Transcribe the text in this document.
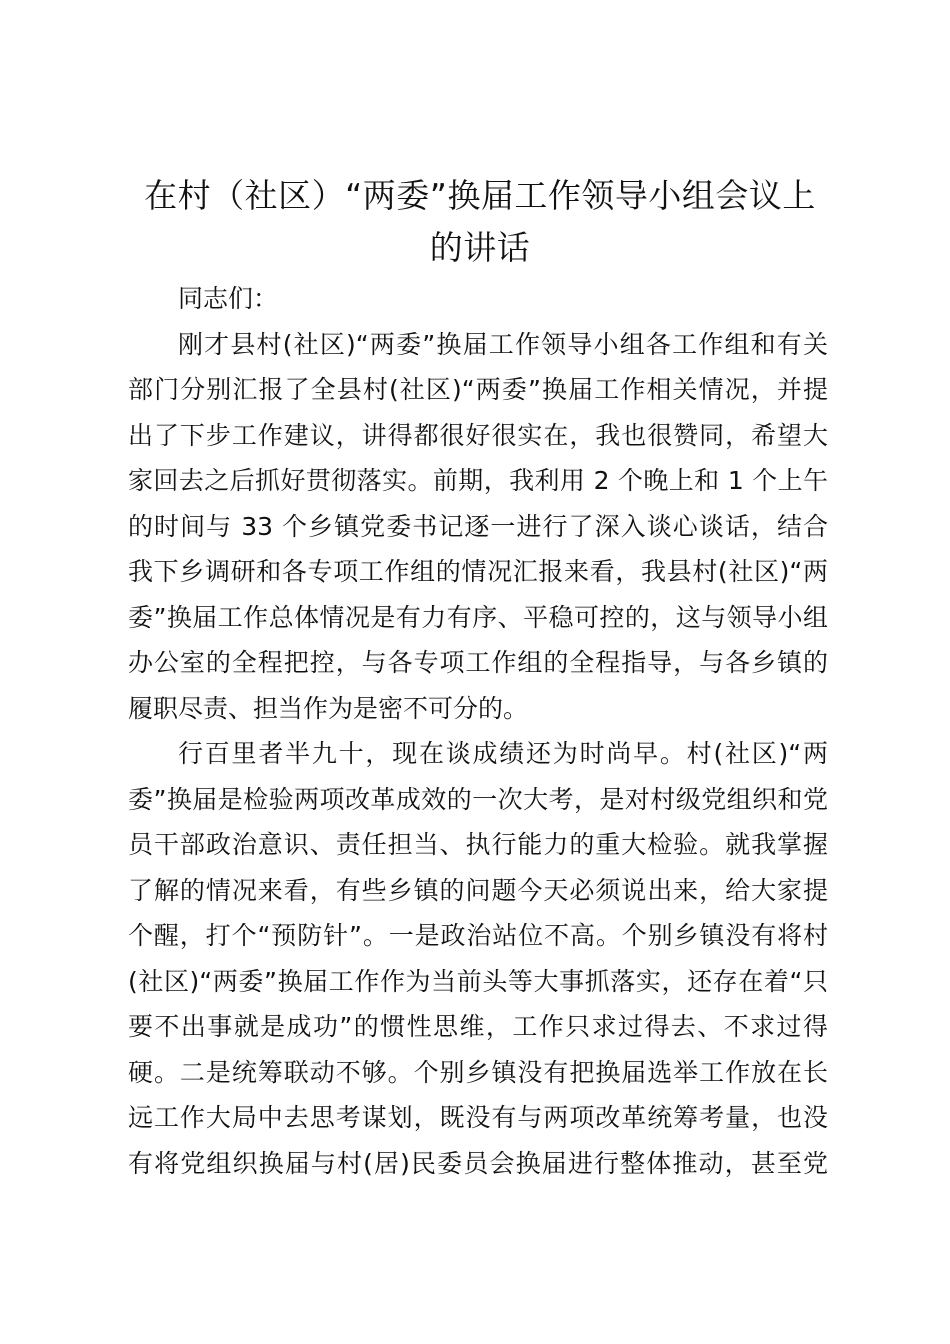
在村（社区）“两委”换届工作领导小组会议上
的讲话
同志们：
刚才县村(社区)“两委”换届工作领导小组各工作组和有关
部门分别汇报了全县村(社区)“两委”换届工作相关情况，并提
出了下步工作建议，讲得都很好很实在，我也很赞同，希望大
家回去之后抓好贯彻落实。前期，我利用 2 个晚上和 1 个上午
的时间与 33 个乡镇党委书记逐一进行了深入谈心谈话，结合
我下乡调研和各专项工作组的情况汇报来看，我县村(社区)“两
委”换届工作总体情况是有力有序、平稳可控的，这与领导小组
办公室的全程把控，与各专项工作组的全程指导，与各乡镇的
履职尽责、担当作为是密不可分的。
行百里者半九十，现在谈成绩还为时尚早。村(社区)“两
委”换届是检验两项改革成效的一次大考，是对村级党组织和党
员干部政治意识、责任担当、执行能力的重大检验。就我掌握
了解的情况来看，有些乡镇的问题今天必须说出来，给大家提
个醒，打个“预防针”。一是政治站位不高。个别乡镇没有将村
(社区)“两委”换届工作作为当前头等大事抓落实，还存在着“只
要不出事就是成功”的惯性思维，工作只求过得去、不求过得
硬。二是统筹联动不够。个别乡镇没有把换届选举工作放在长
远工作大局中去思考谋划，既没有与两项改革统筹考量，也没
有将党组织换届与村(居)民委员会换届进行整体推动，甚至党
